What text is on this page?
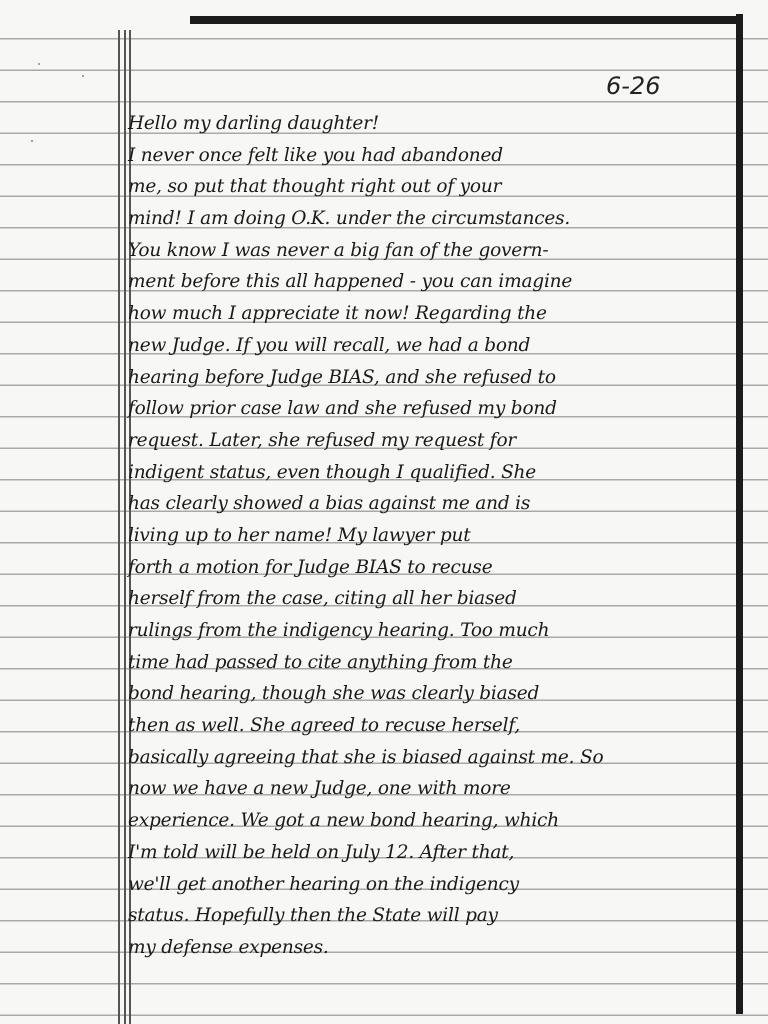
6-26
Hello my darling daughter!
I never once felt like you had abandoned
me, so put that thought right out of your
mind! I am doing O.K. under the circumstances.
You know I was never a big fan of the govern-
ment before this all happened - you can imagine
how much I appreciate it now! Regarding the
new Judge. If you will recall, we had a bond
hearing before Judge BIAS, and she refused to
follow prior case law and she refused my bond
request. Later, she refused my request for
indigent status, even though I qualified. She
has clearly showed a bias against me and is
living up to her name! My lawyer put
forth a motion for Judge BIAS to recuse
herself from the case, citing all her biased
rulings from the indigency hearing. Too much
time had passed to cite anything from the
bond hearing, though she was clearly biased
then as well. She agreed to recuse herself,
basically agreeing that she is biased against me. So
now we have a new Judge, one with more
experience. We got a new bond hearing, which
I'm told will be held on July 12. After that,
we'll get another hearing on the indigency
status. Hopefully then the State will pay
my defense expenses.
